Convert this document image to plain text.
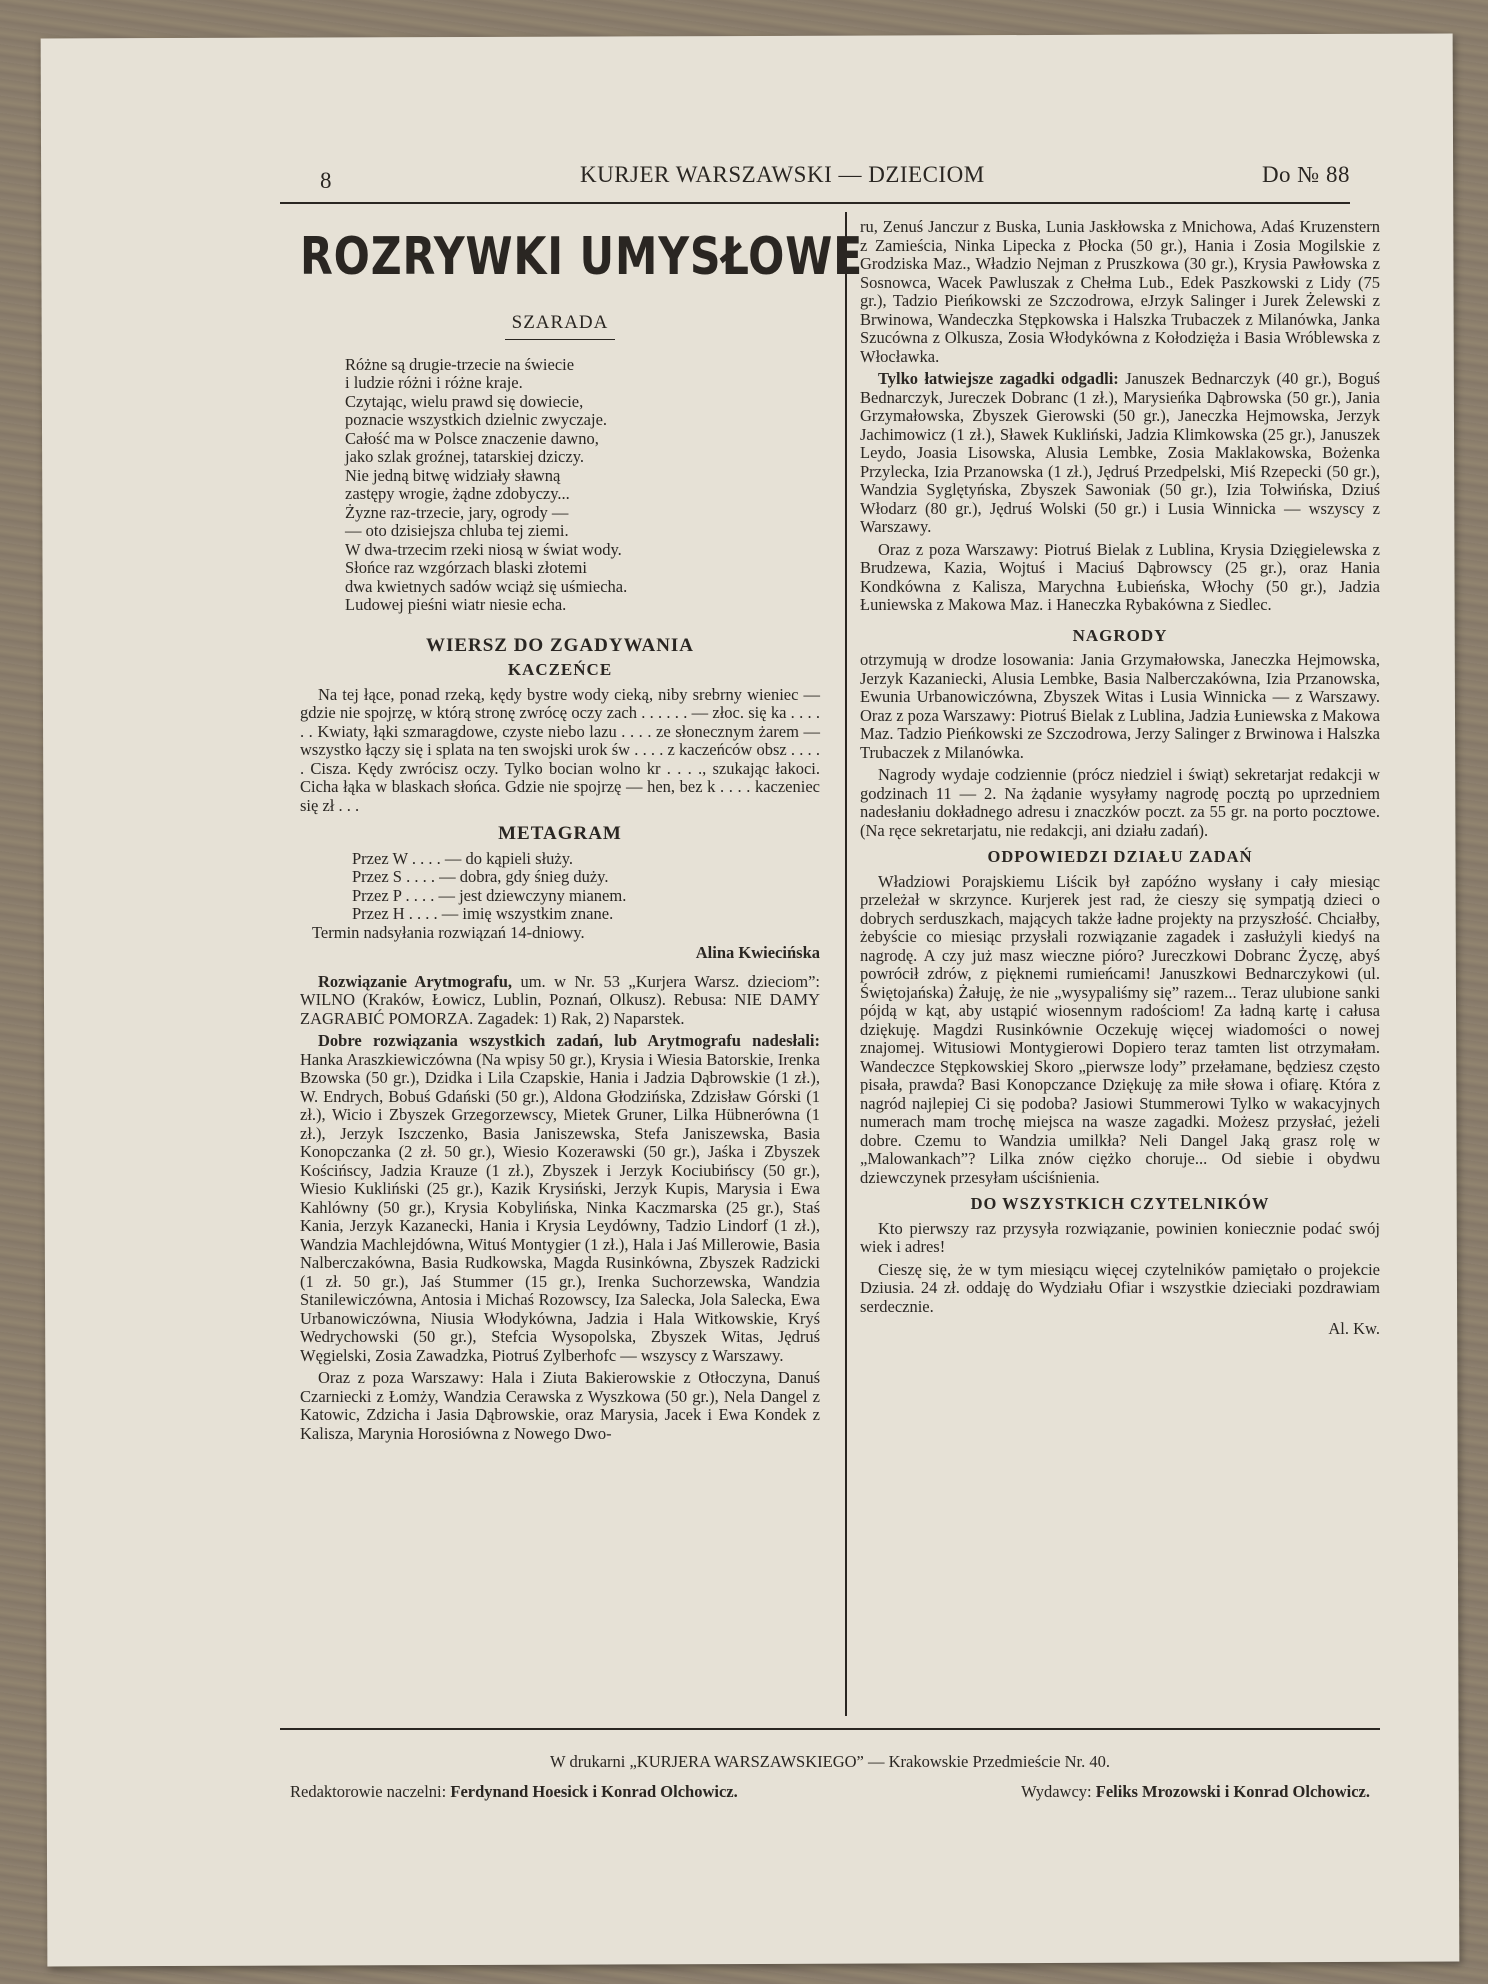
8	KURJER WARSZAWSKI — DZIECIOM	Do № 88
ROZRYWKI UMYSŁOWE
SZARADA
Różne są drugie-trzecie na świecie
i ludzie różni i różne kraje.
Czytając, wielu prawd się dowiecie,
poznacie wszystkich dzielnic zwyczaje.
Całość ma w Polsce znaczenie dawno,
jako szlak groźnej, tatarskiej dziczy.
Nie jedną bitwę widziały sławną
zastępy wrogie, żądne zdobyczy...
Żyzne raz-trzecie, jary, ogrody —
— oto dzisiejsza chluba tej ziemi.
W dwa-trzecim rzeki niosą w świat wody.
Słońce raz wzgórzach blaski złotemi
dwa kwietnych sadów wciąż się uśmiecha.
Ludowej pieśni wiatr niesie echa.
WIERSZ DO ZGADYWANIA
KACZEŃCE
Na tej łące, ponad rzeką, kędy bystre wody cieką, niby srebrny wieniec — gdzie nie spojrzę, w którą stronę zwrócę oczy zach . . . . . . — złoc. się ka . . . . . . Kwiaty, łąki szmaragdowe, czyste niebo lazu . . . . ze słonecznym żarem — wszystko łączy się i splata na ten swojski urok św . . . . z kaczeńców obsz . . . . . Cisza. Kędy zwrócisz oczy. Tylko bocian wolno kr . . . ., szukając łakoci. Cicha łąka w blaskach słońca. Gdzie nie spojrzę — hen, bez k . . . . kaczeniec się zł . . .
METAGRAM
Przez W . . . . — do kąpieli służy.
Przez S . . . . — dobra, gdy śnieg duży.
Przez P . . . . — jest dziewczyny mianem.
Przez H . . . . — imię wszystkim znane.
Termin nadsyłania rozwiązań 14-dniowy.
Alina Kwiecińska
Rozwiązanie Arytmografu, um. w Nr. 53 „Kurjera Warsz. dzieciom”: WILNO (Kraków, Łowicz, Lublin, Poznań, Olkusz). Rebusa: NIE DAMY ZAGRABIĆ POMORZA. Zagadek: 1) Rak, 2) Naparstek.
Dobre rozwiązania wszystkich zadań, lub Arytmografu nadesłali: Hanka Araszkiewiczówna (Na wpisy 50 gr.), Krysia i Wiesia Batorskie, Irenka Bzowska (50 gr.), Dzidka i Lila Czapskie, Hania i Jadzia Dąbrowskie (1 zł.), W. Endrych, Bobuś Gdański (50 gr.), Aldona Głodzińska, Zdzisław Górski (1 zł.), Wicio i Zbyszek Grzegorzewscy, Mietek Gruner, Lilka Hübnerówna (1 zł.), Jerzyk Iszczenko, Basia Janiszewska, Stefa Janiszewska, Basia Konopczanka (2 zł. 50 gr.), Wiesio Kozerawski (50 gr.), Jaśka i Zbyszek Kościńscy, Jadzia Krauze (1 zł.), Zbyszek i Jerzyk Kociubińscy (50 gr.), Wiesio Kukliński (25 gr.), Kazik Krysiński, Jerzyk Kupis, Marysia i Ewa Kahlówny (50 gr.), Krysia Kobylińska, Ninka Kaczmarska (25 gr.), Staś Kania, Jerzyk Kazanecki, Hania i Krysia Leydówny, Tadzio Lindorf (1 zł.), Wandzia Machlejdówna, Wituś Montygier (1 zł.), Hala i Jaś Millerowie, Basia Nalberczakówna, Basia Rudkowska, Magda Rusinkówna, Zbyszek Radzicki (1 zł. 50 gr.), Jaś Stummer (15 gr.), Irenka Suchorzewska, Wandzia Stanilewiczówna, Antosia i Michaś Rozowscy, Iza Salecka, Jola Salecka, Ewa Urbanowiczówna, Niusia Włodykówna, Jadzia i Hala Witkowskie, Kryś Wedrychowski (50 gr.), Stefcia Wysopolska, Zbyszek Witas, Jędruś Węgielski, Zosia Zawadzka, Piotruś Zylberhofc — wszyscy z Warszawy.
Oraz z poza Warszawy: Hala i Ziuta Bakierowskie z Otłoczyna, Danuś Czarniecki z Łomży, Wandzia Cerawska z Wyszkowa (50 gr.), Nela Dangel z Katowic, Zdzicha i Jasia Dąbrowskie, oraz Marysia, Jacek i Ewa Kondek z Kalisza, Marynia Horosiówna z Nowego Dwo-
ru, Zenuś Janczur z Buska, Lunia Jaskłowska z Mnichowa, Adaś Kruzenstern z Zamieścia, Ninka Lipecka z Płocka (50 gr.), Hania i Zosia Mogilskie z Grodziska Maz., Władzio Nejman z Pruszkowa (30 gr.), Krysia Pawłowska z Sosnowca, Wacek Pawluszak z Chełma Lub., Edek Paszkowski z Lidy (75 gr.), Tadzio Pieńkowski ze Szczodrowa, eJrzyk Salinger i Jurek Żelewski z Brwinowa, Wandeczka Stępkowska i Halszka Trubaczek z Milanówka, Janka Szucówna z Olkusza, Zosia Włodykówna z Kołodzięża i Basia Wróblewska z Włocławka.
Tylko łatwiejsze zagadki odgadli: Januszek Bednarczyk (40 gr.), Boguś Bednarczyk, Jureczek Dobranc (1 zł.), Marysieńka Dąbrowska (50 gr.), Jania Grzymałowska, Zbyszek Gierowski (50 gr.), Janeczka Hejmowska, Jerzyk Jachimowicz (1 zł.), Sławek Kukliński, Jadzia Klimkowska (25 gr.), Januszek Leydo, Joasia Lisowska, Alusia Lembke, Zosia Maklakowska, Bożenka Przylecka, Izia Przanowska (1 zł.), Jędruś Przedpelski, Miś Rzepecki (50 gr.), Wandzia Syglętyńska, Zbyszek Sawoniak (50 gr.), Izia Tołwińska, Dziuś Włodarz (80 gr.), Jędruś Wolski (50 gr.) i Lusia Winnicka — wszyscy z Warszawy.
Oraz z poza Warszawy: Piotruś Bielak z Lublina, Krysia Dzięgielewska z Brudzewa, Kazia, Wojtuś i Maciuś Dąbrowscy (25 gr.), oraz Hania Kondkówna z Kalisza, Marychna Łubieńska, Włochy (50 gr.), Jadzia Łuniewska z Makowa Maz. i Haneczka Rybakówna z Siedlec.
NAGRODY
otrzymują w drodze losowania: Jania Grzymałowska, Janeczka Hejmowska, Jerzyk Kazaniecki, Alusia Lembke, Basia Nalberczakówna, Izia Przanowska, Ewunia Urbanowiczówna, Zbyszek Witas i Lusia Winnicka — z Warszawy. Oraz z poza Warszawy: Piotruś Bielak z Lublina, Jadzia Łuniewska z Makowa Maz. Tadzio Pieńkowski ze Szczodrowa, Jerzy Salinger z Brwinowa i Halszka Trubaczek z Milanówka.
Nagrody wydaje codziennie (prócz niedziel i świąt) sekretarjat redakcji w godzinach 11 — 2. Na żądanie wysyłamy nagrodę pocztą po uprzedniem nadesłaniu dokładnego adresu i znaczków poczt. za 55 gr. na porto pocztowe. (Na ręce sekretarjatu, nie redakcji, ani działu zadań).
ODPOWIEDZI DZIAŁU ZADAŃ
Władziowi Porajskiemu Liścik był zapóźno wysłany i cały miesiąc przeleżał w skrzynce. Kurjerek jest rad, że cieszy się sympatją dzieci o dobrych serduszkach, mających także ładne projekty na przyszłość. Chciałby, żebyście co miesiąc przysłali rozwiązanie zagadek i zasłużyli kiedyś na nagrodę. A czy już masz wieczne pióro? Jureczkowi Dobranc Życzę, abyś powrócił zdrów, z pięknemi rumieńcami! Januszkowi Bednarczykowi (ul. Świętojańska) Żałuję, że nie „wysypaliśmy się” razem... Teraz ulubione sanki pójdą w kąt, aby ustąpić wiosennym radościom! Za ładną kartę i całusa dziękuję. Magdzi Rusinkównie Oczekuję więcej wiadomości o nowej znajomej. Witusiowi Montygierowi Dopiero teraz tamten list otrzymałam. Wandeczce Stępkowskiej Skoro „pierwsze lody” przełamane, będziesz często pisała, prawda? Basi Konopczance Dziękuję za miłe słowa i ofiarę. Która z nagród najlepiej Ci się podoba? Jasiowi Stummerowi Tylko w wakacyjnych numerach mam trochę miejsca na wasze zagadki. Możesz przysłać, jeżeli dobre. Czemu to Wandzia umilkła? Neli Dangel Jaką grasz rolę w „Malowankach”? Lilka znów ciężko choruje... Od siebie i obydwu dziewczynek przesyłam uściśnienia.
DO WSZYSTKICH CZYTELNIKÓW
Kto pierwszy raz przysyła rozwiązanie, powinien koniecznie podać swój wiek i adres!
Cieszę się, że w tym miesiącu więcej czytelników pamiętało o projekcie Dziusia. 24 zł. oddaję do Wydziału Ofiar i wszystkie dzieciaki pozdrawiam serdecznie.
Al. Kw.
W drukarni „KURJERA WARSZAWSKIEGO” — Krakowskie Przedmieście Nr. 40.
Redaktorowie naczelni: Ferdynand Hoesick i Konrad Olchowicz.	Wydawcy: Feliks Mrozowski i Konrad Olchowicz.
